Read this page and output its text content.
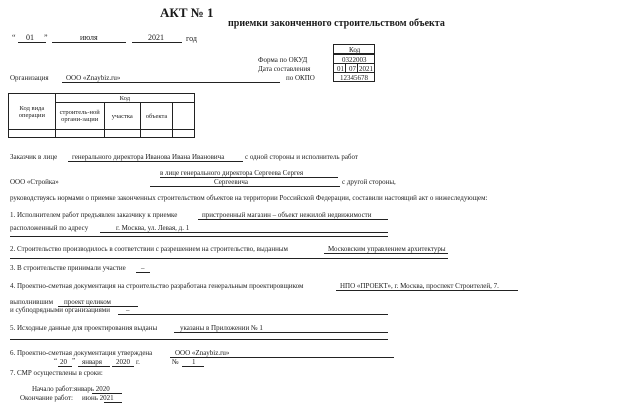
АКТ № 1
приемки законченного строительством объекта
“ 01 ”	июля	2021	год
Код
Форма по ОКУД	0322003
Дата составления	01 07 2021
по ОКПО	12345678
Организация ООО «Znaybiz.ru»
Код вида операции	Код			
	строитель-ной органи-зации	участка	объекта	

Заказчик в лице генерального директора Иванова Ивана Ивановича	с одной стороны и исполнитель работ
в лице генерального директора Сергеева Сергея
ООО «Стройка»	Сергеевича	с другой стороны,
руководствуясь нормами о приемке законченных строительством объектов на территории Российской Федерации, составили настоящий акт о нижеследующем:
1. Исполнителем работ предъявлен заказчику к приемке	пристроенный магазин – объект нежилой недвижимости
расположенный по адресу	г. Москва, ул. Левая, д. 1
2. Строительство производилось в соответствии с разрешением на строительство, выданным	Московским управлением архитектуры
3. В строительстве принимали участие –
4. Проектно-сметная документация на строительство разработана генеральным проектировщиком	НПО «ПРОЕКТ», г. Москва, проспект Строителей, 7.
выполнившим проект целиком
и субподрядными организациями –
5. Исходные данные для проектирования выданы	указаны в Приложении № 1
6. Проектно-сметная документация утверждена	ООО «Znaybiz.ru»
“ 20 ” января 2020 г.	№ 1
7. СМР осуществлены в сроки:
Начало работ: январь 2020
Окончание работ: июнь 2021
